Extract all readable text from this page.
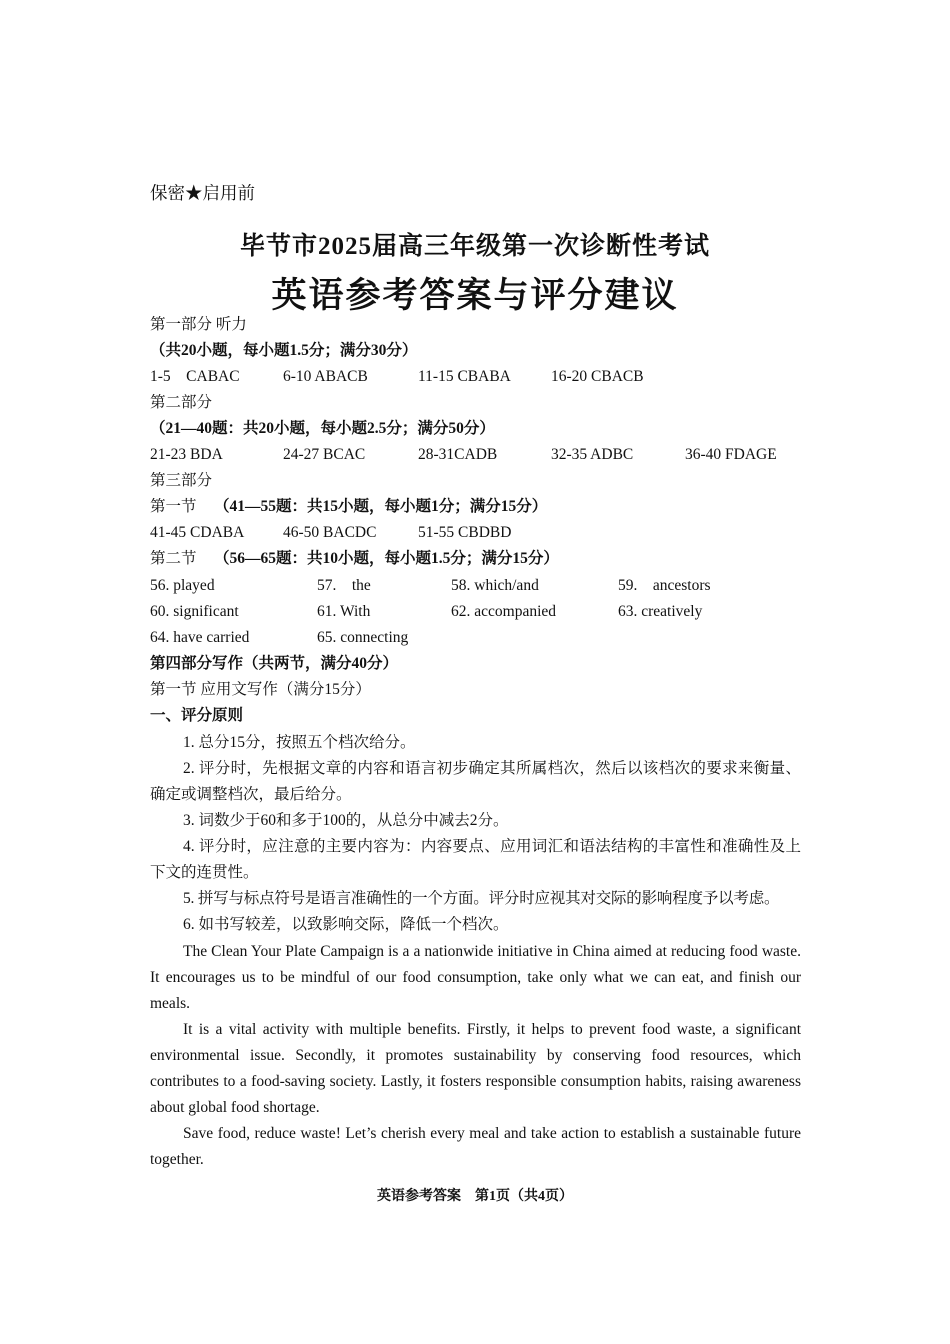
保密★启用前
毕节市2025届高三年级第一次诊断性考试
英语参考答案与评分建议
第一部分 听力
（共20小题，每小题1.5分；满分30分）
1-5    CABAC	6-10 ABACB	11-15 CBABA	16-20 CBACB
第二部分
（21—40题：共20小题，每小题2.5分；满分50分）
21-23 BDA	24-27 BCAC	28-31CADB	32-35 ADBC	36-40 FDAGE
第三部分
第一节 （41—55题：共15小题，每小题1分；满分15分）
41-45 CDABA 46-50 BACDC	51-55 CBDBD
第二节 （56—65题：共10小题，每小题1.5分；满分15分）
56. played	57.    the	58. which/and	59.    ancestors
60. significant	61. With	62. accompanied	63. creatively
64. have carried	65. connecting
第四部分写作（共两节，满分40分）
第一节 应用文写作（满分15分）
一、评分原则
1. 总分15分，按照五个档次给分。
2. 评分时，先根据文章的内容和语言初步确定其所属档次，然后以该档次的要求来衡量、确定或调整档次，最后给分。
3. 词数少于60和多于100的，从总分中减去2分。
4. 评分时，应注意的主要内容为：内容要点、应用词汇和语法结构的丰富性和准确性及上下文的连贯性。
5. 拼写与标点符号是语言准确性的一个方面。评分时应视其对交际的影响程度予以考虑。
6. 如书写较差，以致影响交际，降低一个档次。
The Clean Your Plate Campaign is a a nationwide initiative in China aimed at reducing food waste. It encourages us to be mindful of our food consumption, take only what we can eat, and finish our meals.
It is a vital activity with multiple benefits. Firstly, it helps to prevent food waste, a significant environmental issue. Secondly, it promotes sustainability by conserving food resources, which contributes to a food-saving society. Lastly, it fosters responsible consumption habits, raising awareness about global food shortage.
Save food, reduce waste! Let’s cherish every meal and take action to establish a sustainable future together.
英语参考答案    第1页（共4页）
